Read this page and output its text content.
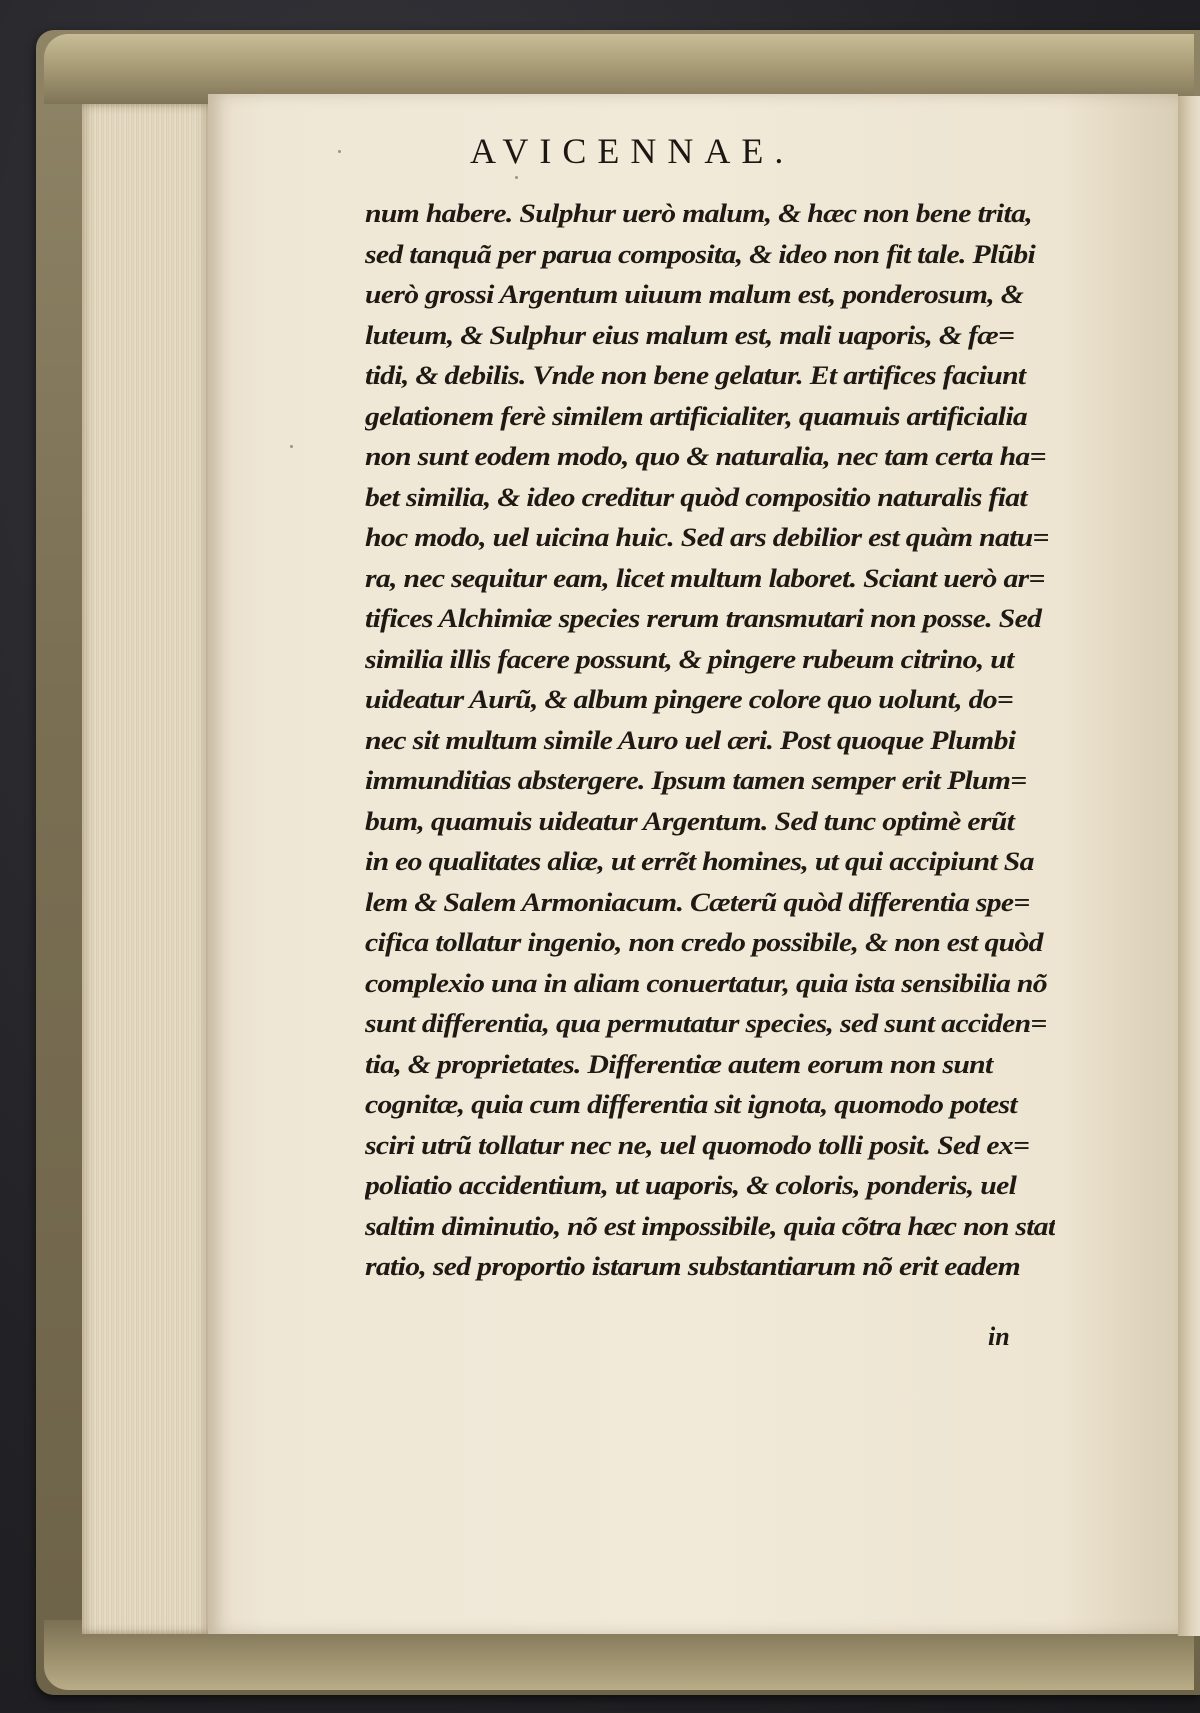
AVICENNAE.
num habere. Sulphur uerò malum, & hæc non bene trita,
sed tanquã per parua composita, & ideo non fit tale. Plũbi
uerò grossi Argentum uiuum malum est, ponderosum, &
luteum, & Sulphur eius malum est, mali uaporis, & fæ=
tidi, & debilis. Vnde non bene gelatur. Et artifices faciunt
gelationem ferè similem artificialiter, quamuis artificialia
non sunt eodem modo, quo & naturalia, nec tam certa ha=
bet similia, & ideo creditur quòd compositio naturalis fiat
hoc modo, uel uicina huic. Sed ars debilior est quàm natu=
ra, nec sequitur eam, licet multum laboret. Sciant uerò ar=
tifices Alchimiæ species rerum transmutari non posse. Sed
similia illis facere possunt, & pingere rubeum citrino, ut
uideatur Aurũ, & album pingere colore quo uolunt, do=
nec sit multum simile Auro uel æri. Post quoque Plumbi
immunditias abstergere. Ipsum tamen semper erit Plum=
bum, quamuis uideatur Argentum. Sed tunc optimè erũt
in eo qualitates aliæ, ut errẽt homines, ut qui accipiunt Sa
lem & Salem Armoniacum. Cæterũ quòd differentia spe=
cifica tollatur ingenio, non credo possibile, & non est quòd
complexio una in aliam conuertatur, quia ista sensibilia nõ
sunt differentia, qua permutatur species, sed sunt acciden=
tia, & proprietates. Differentiæ autem eorum non sunt
cognitæ, quia cum differentia sit ignota, quomodo potest
sciri utrũ tollatur nec ne, uel quomodo tolli posit. Sed ex=
poliatio accidentium, ut uaporis, & coloris, ponderis, uel
saltim diminutio, nõ est impossibile, quia cõtra hæc non stat
ratio, sed proportio istarum substantiarum nõ erit eadem
in
